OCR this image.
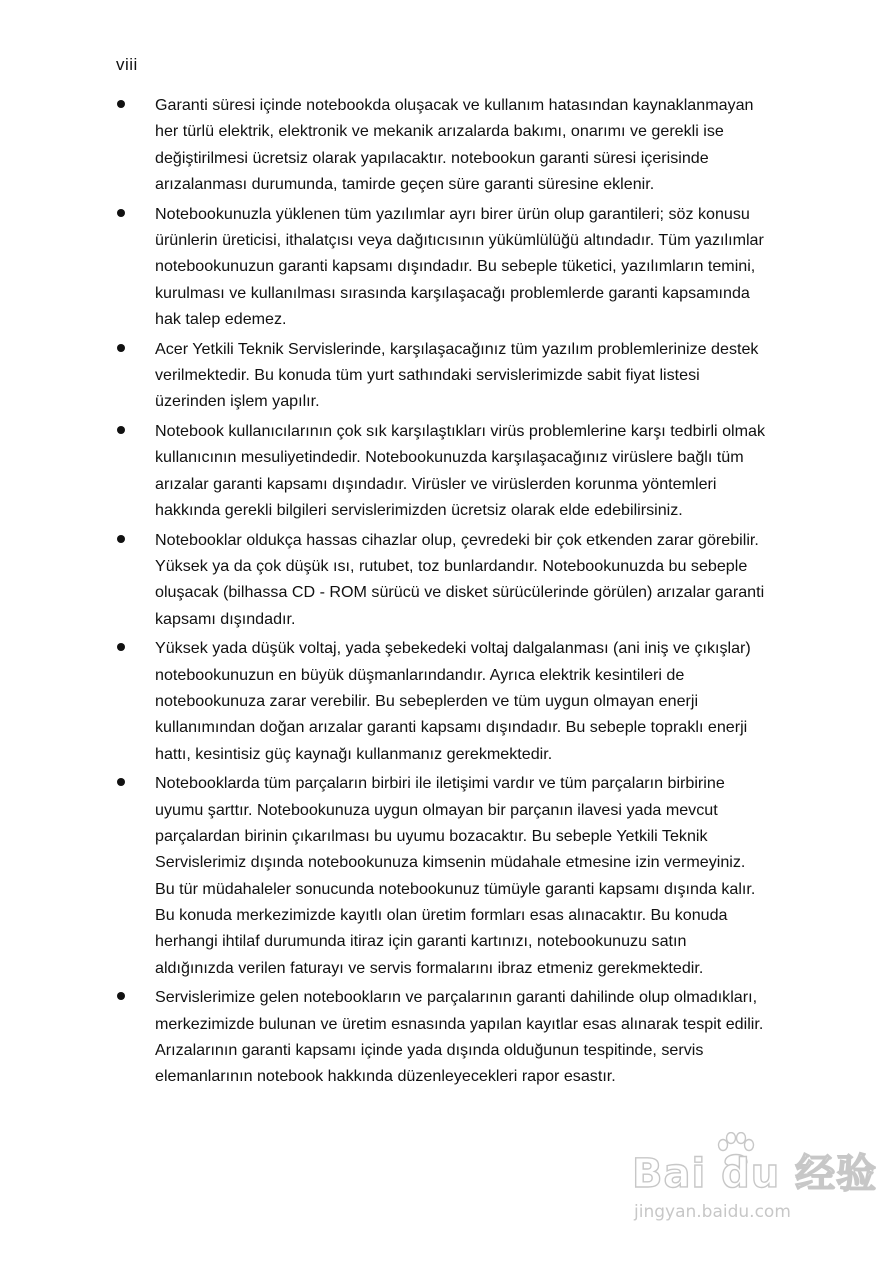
viii
Garanti süresi içinde notebookda oluşacak ve kullanım hatasından kaynaklanmayan her türlü elektrik, elektronik ve mekanik arızalarda bakımı, onarımı ve gerekli ise değiştirilmesi ücretsiz olarak yapılacaktır. notebookun garanti süresi içerisinde arızalanması durumunda, tamirde geçen süre garanti süresine eklenir.
Notebookunuzla yüklenen tüm yazılımlar ayrı birer ürün olup garantileri; söz konusu ürünlerin üreticisi, ithalatçısı veya dağıtıcısının yükümlülüğü altındadır. Tüm yazılımlar notebookunuzun garanti kapsamı dışındadır. Bu sebeple tüketici, yazılımların temini, kurulması ve kullanılması sırasında karşılaşacağı problemlerde garanti kapsamında hak talep edemez.
Acer Yetkili Teknik Servislerinde, karşılaşacağınız tüm yazılım problemlerinize destek verilmektedir. Bu konuda tüm yurt sathındaki servislerimizde sabit fiyat listesi üzerinden işlem yapılır.
Notebook kullanıcılarının çok sık karşılaştıkları virüs problemlerine karşı tedbirli olmak kullanıcının mesuliyetindedir. Notebookunuzda karşılaşacağınız virüslere bağlı tüm arızalar garanti kapsamı dışındadır. Virüsler ve virüslerden korunma yöntemleri hakkında gerekli bilgileri servislerimizden ücretsiz olarak elde edebilirsiniz.
Notebooklar oldukça hassas cihazlar olup, çevredeki bir çok etkenden zarar görebilir. Yüksek ya da çok düşük ısı, rutubet, toz bunlardandır. Notebookunuzda bu sebeple oluşacak (bilhassa CD - ROM sürücü ve disket sürücülerinde görülen) arızalar garanti kapsamı dışındadır.
Yüksek yada düşük voltaj, yada şebekedeki voltaj dalgalanması (ani iniş ve çıkışlar) notebookunuzun en büyük düşmanlarındandır. Ayrıca elektrik kesintileri de notebookunuza zarar verebilir. Bu sebeplerden ve tüm uygun olmayan enerji kullanımından doğan arızalar garanti kapsamı dışındadır. Bu sebeple topraklı enerji hattı, kesintisiz güç kaynağı kullanmanız gerekmektedir.
Notebooklarda tüm parçaların birbiri ile iletişimi vardır ve tüm parçaların birbirine uyumu şarttır. Notebookunuza uygun olmayan bir parçanın ilavesi yada mevcut parçalardan birinin çıkarılması bu uyumu bozacaktır. Bu sebeple Yetkili Teknik Servislerimiz dışında notebookunuza kimsenin müdahale etmesine izin vermeyiniz. Bu tür müdahaleler sonucunda notebookunuz tümüyle garanti kapsamı dışında kalır. Bu konuda merkezimizde kayıtlı olan üretim formları esas alınacaktır. Bu konuda herhangi ihtilaf durumunda itiraz için garanti kartınızı, notebookunuzu satın aldığınızda verilen faturayı ve servis formalarını ibraz etmeniz gerekmektedir.
Servislerimize gelen notebookların ve parçalarının garanti dahilinde olup olmadıkları, merkezimizde bulunan ve üretim esnasında yapılan kayıtlar esas alınarak tespit edilir. Arızalarının garanti kapsamı içinde yada dışında olduğunun tespitinde, servis elemanlarının notebook hakkında düzenleyecekleri rapor esastır.
Bai du 经验
jingyan.baidu.com
